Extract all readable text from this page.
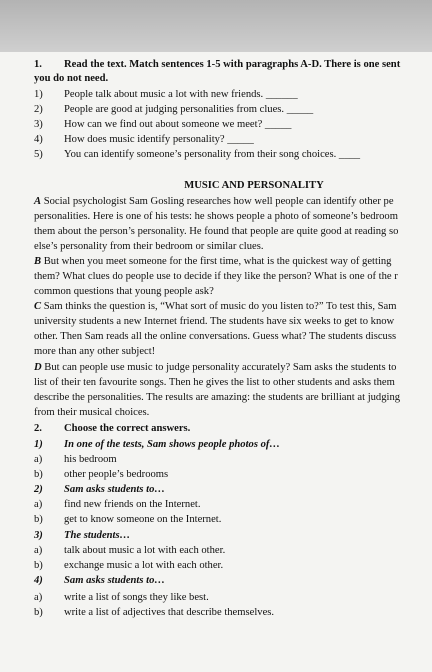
1. Read the text. Match sentences 1-5 with paragraphs A-D. There is one sent
you do not need.
1) People talk about music a lot with new friends. ______
2) People are good at judging personalities from clues. _____
3) How can we find out about someone we meet? _____
4) How does music identify personality? _____
5) You can identify someone’s personality from their song choices. ____
MUSIC AND PERSONALITY
A Social psychologist Sam Gosling researches how well people can identify other pe
personalities. Here is one of his tests: he shows people a photo of someone’s bedroom
them about the person’s personality. He found that people are quite good at reading so
else’s personality from their bedroom or similar clues.
B But when you meet someone for the first time, what is the quickest way of getting
them? What clues do people use to decide if they like the person? What is one of the r
common questions that young people ask?
C Sam thinks the question is, “What sort of music do you listen to?” To test this, Sam
university students a new Internet friend. The students have six weeks to get to know
other. Then Sam reads all the online conversations. Guess what? The students discuss
more than any other subject!
D But can people use music to judge personality accurately? Sam asks the students to
list of their ten favourite songs. Then he gives the list to other students and asks them
describe the personalities. The results are amazing: the students are brilliant at judging
from their musical choices.
2. Choose the correct answers.
1) In one of the tests, Sam shows people photos of…
a) his bedroom
b) other people’s bedrooms
2) Sam asks students to…
a) find new friends on the Internet.
b) get to know someone on the Internet.
3) The students…
a) talk about music a lot with each other.
b) exchange music a lot with each other.
4) Sam asks students to…
a) write a list of songs they like best.
b) write a list of adjectives that describe themselves.
